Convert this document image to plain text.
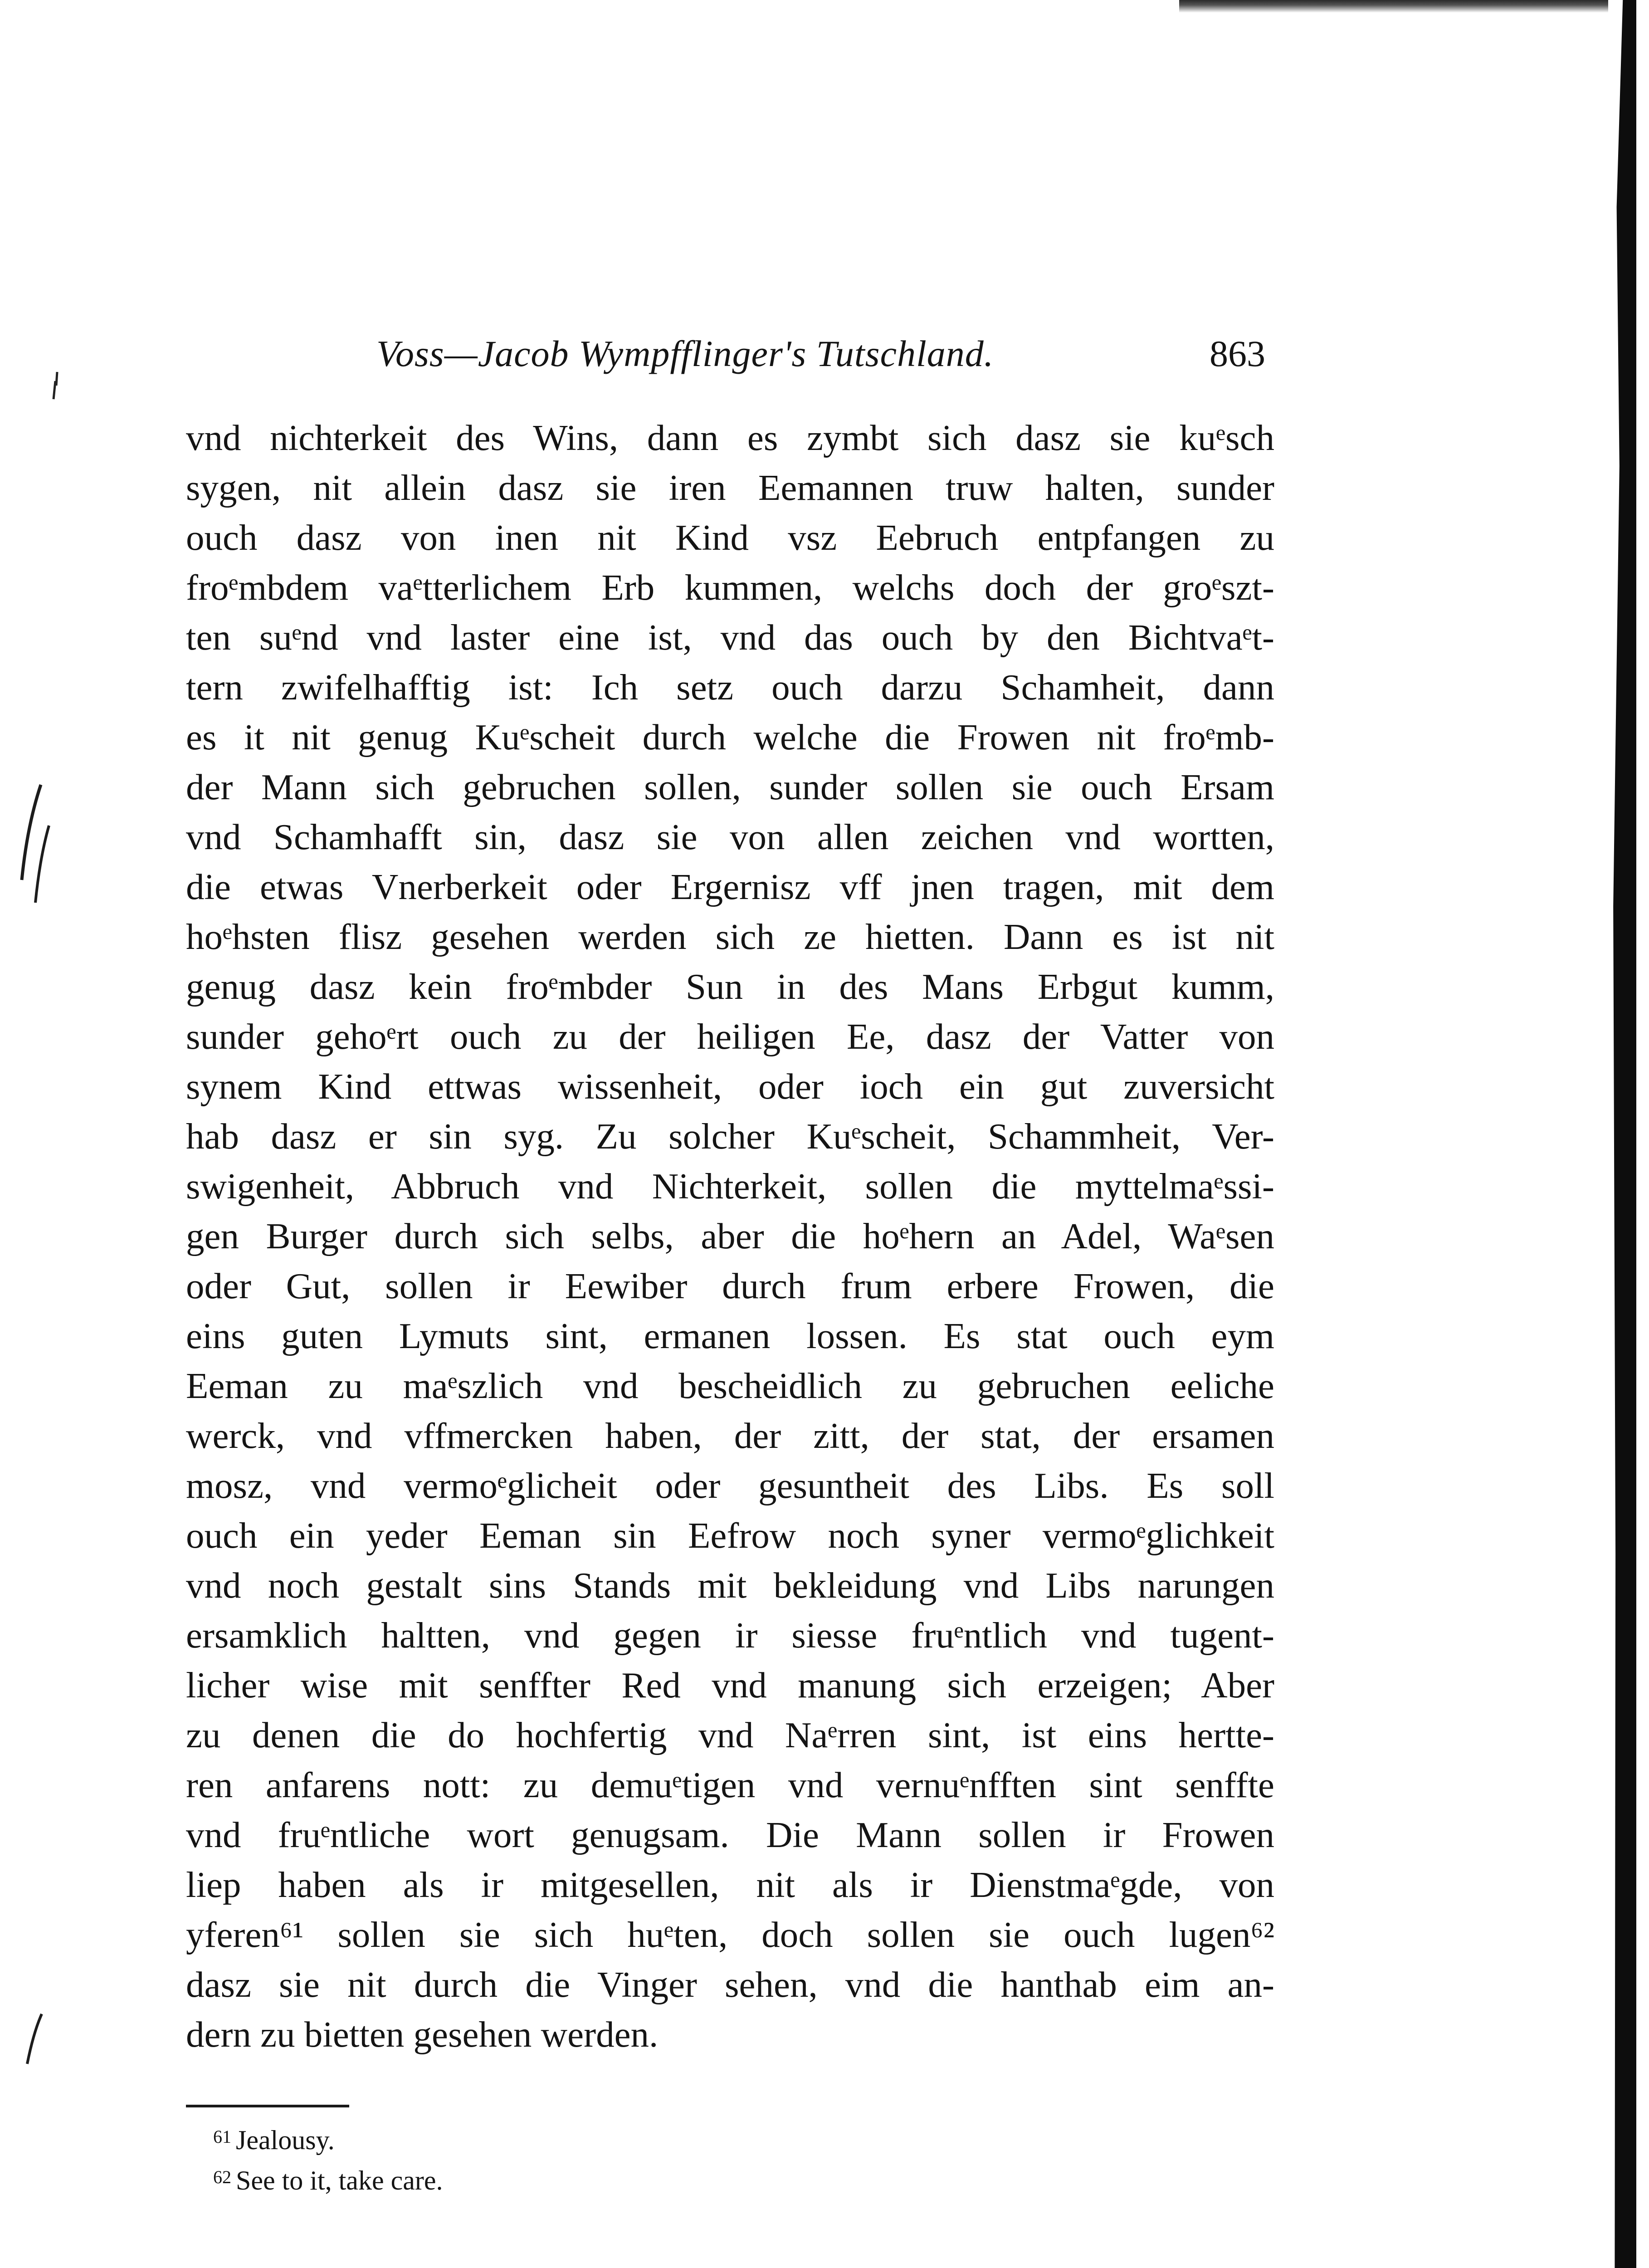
Voss—Jacob Wympfflinger's Tutschland.	863
vnd nichterkeit des Wins, dann es zymbt sich dasz sie kuᵉsch
sygen, nit allein dasz sie iren Eemannen truw halten, sunder
ouch dasz von inen nit Kind vsz Eebruch entpfangen zu
froᵉmbdem vaᵉtterlichem Erb kummen, welchs doch der groᵉszt-
ten suᵉnd vnd laster eine ist, vnd das ouch by den Bichtvaᵉt-
tern zwifelhafftig ist: Ich setz ouch darzu Schamheit, dann
es it nit genug Kuᵉscheit durch welche die Frowen nit froᵉmb-
der Mann sich gebruchen sollen, sunder sollen sie ouch Ersam
vnd Schamhafft sin, dasz sie von allen zeichen vnd wortten,
die etwas Vnerberkeit oder Ergernisz vff jnen tragen, mit dem
hoᵉhsten flisz gesehen werden sich ze hietten. Dann es ist nit
genug dasz kein froᵉmbder Sun in des Mans Erbgut kumm,
sunder gehoᵉrt ouch zu der heiligen Ee, dasz der Vatter von
synem Kind ettwas wissenheit, oder ioch ein gut zuversicht
hab dasz er sin syg. Zu solcher Kuᵉscheit, Schammheit, Ver-
swigenheit, Abbruch vnd Nichterkeit, sollen die myttelmaᵉssi-
gen Burger durch sich selbs, aber die hoᵉhern an Adel, Waᵉsen
oder Gut, sollen ir Eewiber durch frum erbere Frowen, die
eins guten Lymuts sint, ermanen lossen. Es stat ouch eym
Eeman zu maᵉszlich vnd bescheidlich zu gebruchen eeliche
werck, vnd vffmercken haben, der zitt, der stat, der ersamen
mosz, vnd vermoᵉglicheit oder gesuntheit des Libs. Es soll
ouch ein yeder Eeman sin Eefrow noch syner vermoᵉglichkeit
vnd noch gestalt sins Stands mit bekleidung vnd Libs narungen
ersamklich haltten, vnd gegen ir siesse fruᵉntlich vnd tugent-
licher wise mit senffter Red vnd manung sich erzeigen; Aber
zu denen die do hochfertig vnd Naᵉrren sint, ist eins hertte-
ren anfarens nott: zu demuᵉtigen vnd vernuᵉnfften sint senffte
vnd fruᵉntliche wort genugsam. Die Mann sollen ir Frowen
liep haben als ir mitgesellen, nit als ir Dienstmaᵉgde, von
yferen⁶¹ sollen sie sich huᵉten, doch sollen sie ouch lugen⁶²
dasz sie nit durch die Vinger sehen, vnd die hanthab eim an-
dern zu bietten gesehen werden.
$^{61}$ Jealousy.
$^{62}$ See to it, take care.
